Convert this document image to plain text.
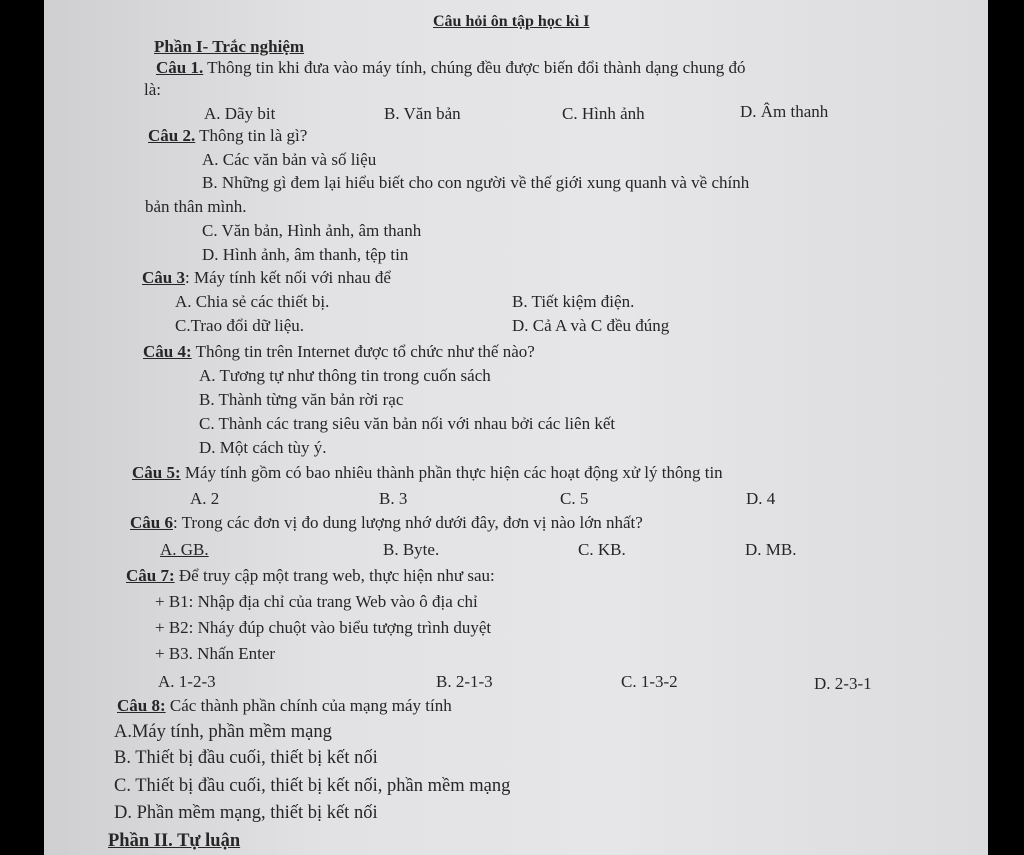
Câu hỏi ôn tập học kì I
Phần I- Trắc nghiệm
Câu 1. Thông tin khi đưa vào máy tính, chúng đều được biến đổi thành dạng chung đó
là:
A. Dãy bit	B. Văn bản	C. Hình ảnh	D. Âm thanh
Câu 2. Thông tin là gì?
A. Các văn bản và số liệu
B. Những gì đem lại hiểu biết cho con người về thế giới xung quanh và về chính
bản thân mình.
C. Văn bản, Hình ảnh, âm thanh
D. Hình ảnh, âm thanh, tệp tin
Câu 3: Máy tính kết nối với nhau để
A. Chia sẻ các thiết bị.	B. Tiết kiệm điện.
C.Trao đổi dữ liệu.	D. Cả A và C đều đúng
Câu 4: Thông tin trên Internet được tổ chức như thế nào?
A. Tương tự như thông tin trong cuốn sách
B. Thành từng văn bản rời rạc
C. Thành các trang siêu văn bản nối với nhau bởi các liên kết
D. Một cách tùy ý.
Câu 5: Máy tính gồm có bao nhiêu thành phần thực hiện các hoạt động xử lý thông tin
A. 2	B. 3	C. 5	D. 4
Câu 6: Trong các đơn vị đo dung lượng nhớ dưới đây, đơn vị nào lớn nhất?
A. GB.	B. Byte.	C. KB.	D. MB.
Câu 7: Để truy cập một trang web, thực hiện như sau:
+ B1: Nhập địa chỉ của trang Web vào ô địa chỉ
+ B2: Nháy đúp chuột vào biểu tượng trình duyệt
+ B3. Nhấn Enter
A. 1-2-3	B. 2-1-3	C. 1-3-2	D. 2-3-1
Câu 8: Các thành phần chính của mạng máy tính
A.Máy tính, phần mềm mạng
B. Thiết bị đầu cuối, thiết bị kết nối
C. Thiết bị đầu cuối, thiết bị kết nối, phần mềm mạng
D. Phần mềm mạng, thiết bị kết nối
Phần II. Tự luận
